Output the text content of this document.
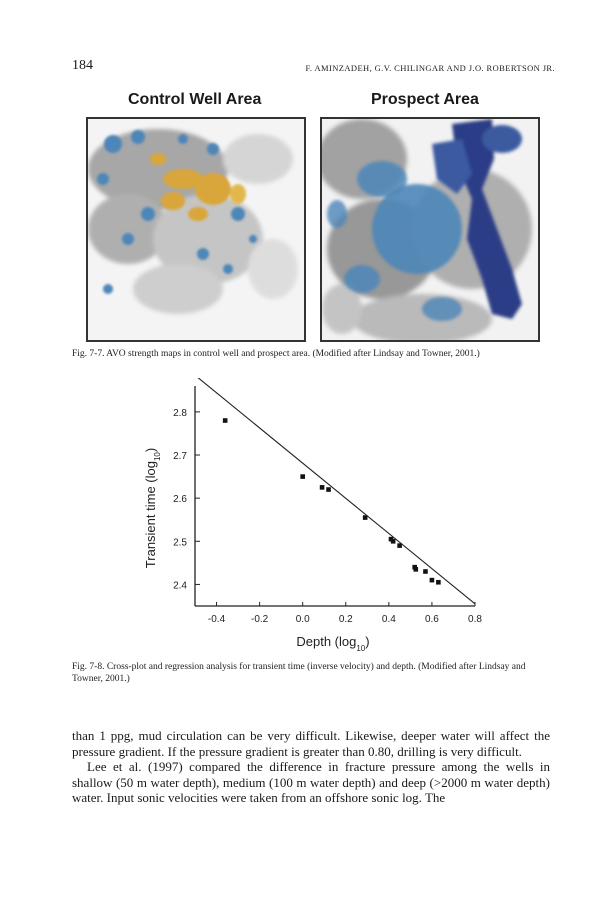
184	F. AMINZADEH, G.V. CHILINGAR AND J.O. ROBERTSON JR.
Control Well Area	Prospect Area
Fig. 7-7. AVO strength maps in control well and prospect area. (Modified after Lindsay and Towner, 2001.)
2.4
2.5
2.6
2.7
2.8
-0.4	-0.2	0.0	0.2	0.4	0.6	0.8
Depth $(\log_{10})$
Transient time $(\log_{10})$
Fig. 7-8. Cross-plot and regression analysis for transient time (inverse velocity) and depth. (Modified after Lindsay and Towner, 2001.)

than 1 ppg, mud circulation can be very difficult. Likewise, deeper water will affect the pressure gradient. If the pressure gradient is greater than 0.80, drilling is very difficult.

Lee et al. (1997) compared the difference in fracture pressure among the wells in shallow (50 m water depth), medium (100 m water depth) and deep (>2000 m water depth) water. Input sonic velocities were taken from an offshore sonic log. The
